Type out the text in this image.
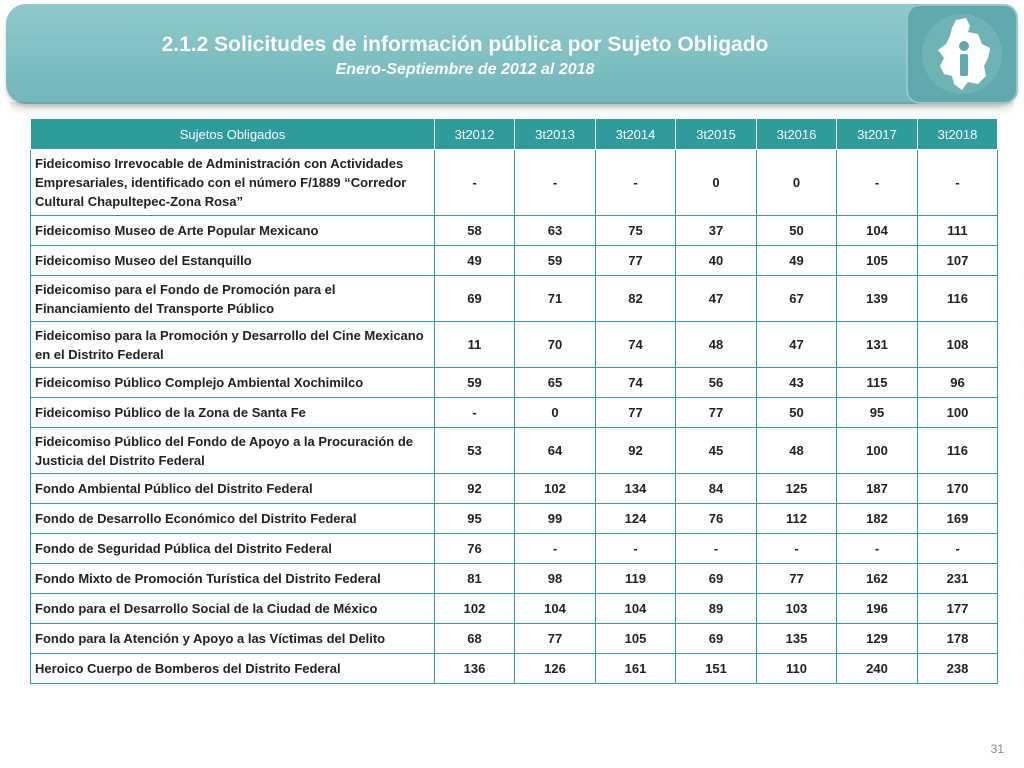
2.1.2 Solicitudes de información pública por Sujeto Obligado
Enero-Septiembre de 2012 al 2018
Sujetos Obligados	3t2012	3t2013	3t2014	3t2015	3t2016	3t2017	3t2018
Fideicomiso Irrevocable de Administración con Actividades Empresariales, identificado con el número F/1889 “Corredor Cultural Chapultepec-Zona Rosa”	-	-	-	0	0	-	-
Fideicomiso Museo de Arte Popular Mexicano	58	63	75	37	50	104	111
Fideicomiso Museo del Estanquillo	49	59	77	40	49	105	107
Fideicomiso para el Fondo de Promoción para el Financiamiento del Transporte Público	69	71	82	47	67	139	116
Fideicomiso para la Promoción y Desarrollo del Cine Mexicano en el Distrito Federal	11	70	74	48	47	131	108
Fideicomiso Público Complejo Ambiental Xochimilco	59	65	74	56	43	115	96
Fideicomiso Público de la Zona de Santa Fe	-	0	77	77	50	95	100
Fideicomiso Público del Fondo de Apoyo a la Procuración de Justicia del Distrito Federal	53	64	92	45	48	100	116
Fondo Ambiental Público del Distrito Federal	92	102	134	84	125	187	170
Fondo de Desarrollo Económico del Distrito Federal	95	99	124	76	112	182	169
Fondo de Seguridad Pública del Distrito Federal	76	-	-	-	-	-	-
Fondo Mixto de Promoción Turística del Distrito Federal	81	98	119	69	77	162	231
Fondo para el Desarrollo Social de la Ciudad de México	102	104	104	89	103	196	177
Fondo para la Atención y Apoyo a las Víctimas del Delito	68	77	105	69	135	129	178
Heroico Cuerpo de Bomberos del Distrito Federal	136	126	161	151	110	240	238
31
